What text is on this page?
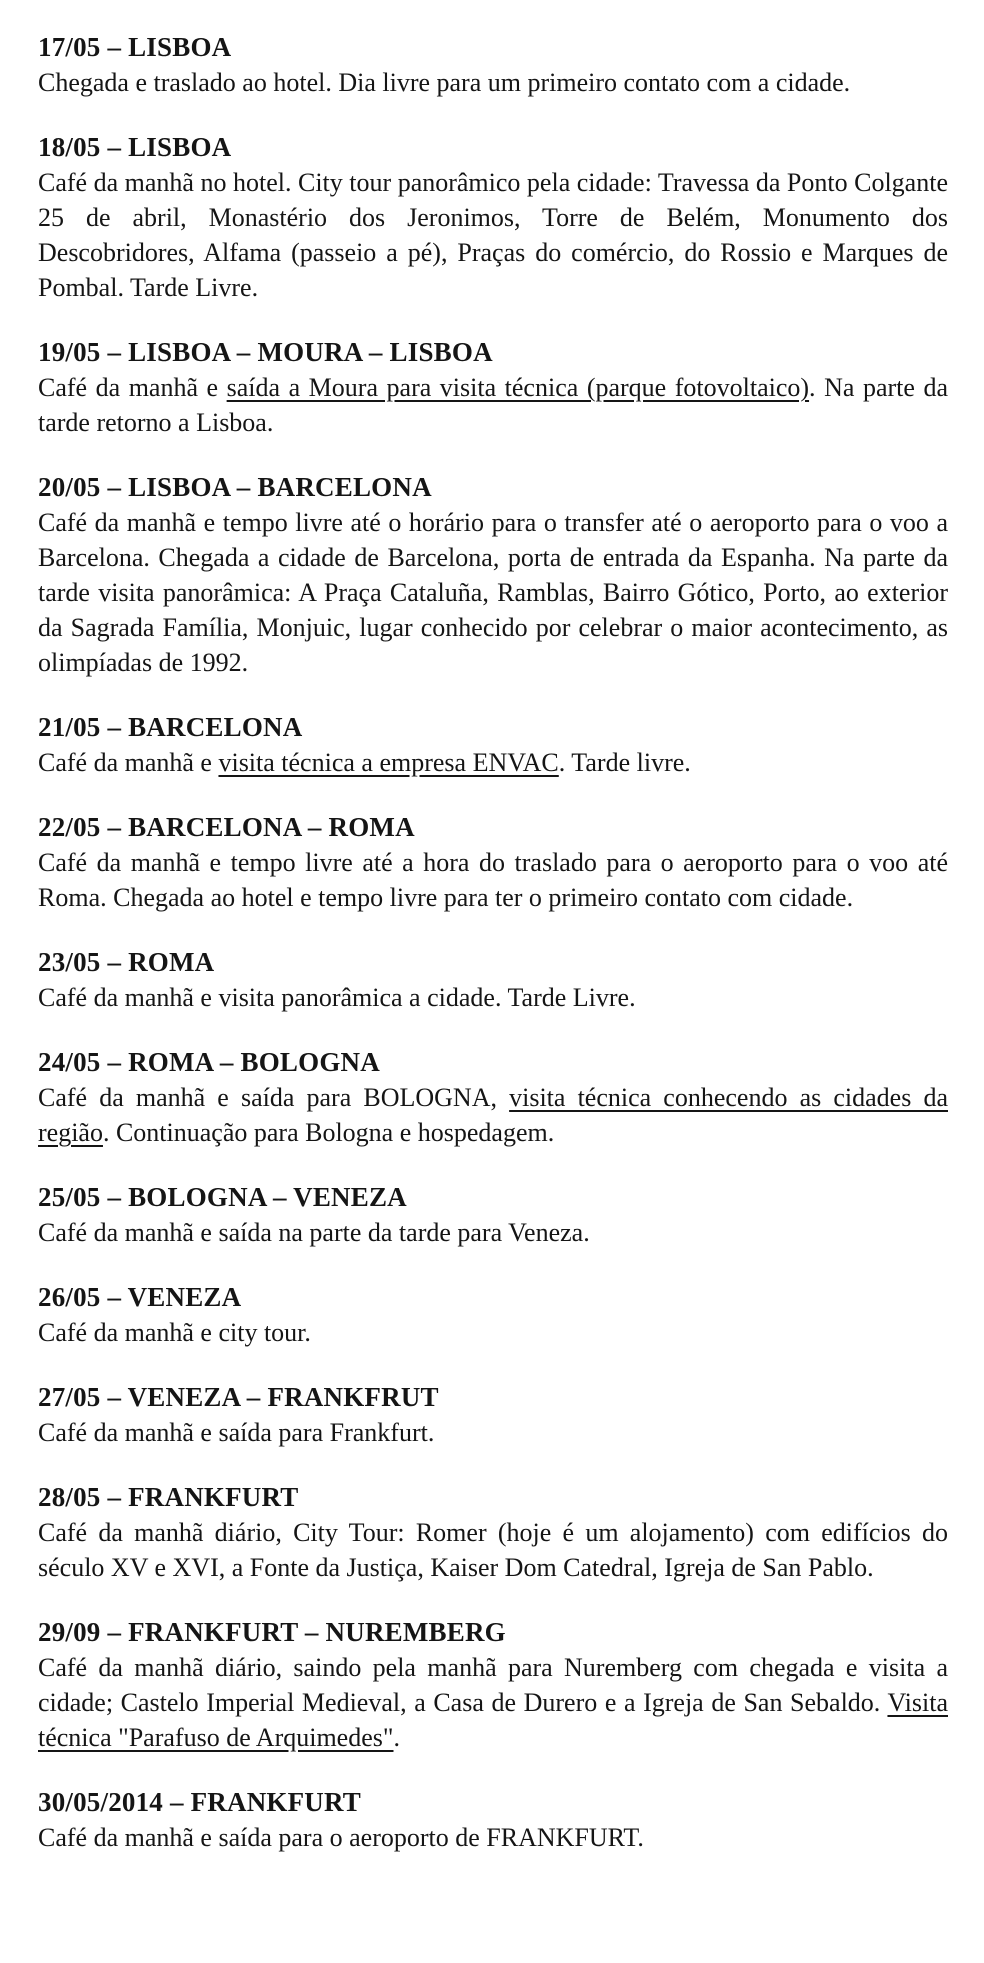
17/05 – LISBOA

Chegada e traslado ao hotel. Dia livre para um primeiro contato com a cidade.

18/05 – LISBOA

Café da manhã no hotel. City tour panorâmico pela cidade: Travessa da Ponto Colgante 25 de abril, Monastério dos Jeronimos, Torre de Belém, Monumento dos Descobridores, Alfama (passeio a pé), Praças do comércio, do Rossio e Marques de Pombal. Tarde Livre.

19/05 – LISBOA – MOURA – LISBOA

Café da manhã e saída a Moura para visita técnica (parque fotovoltaico). Na parte da tarde retorno a Lisboa.

20/05 – LISBOA – BARCELONA

Café da manhã e tempo livre até o horário para o transfer até o aeroporto para o voo a Barcelona. Chegada a cidade de Barcelona, porta de entrada da Espanha. Na parte da tarde visita panorâmica: A Praça Cataluña, Ramblas, Bairro Gótico, Porto, ao exterior da Sagrada Família, Monjuic, lugar conhecido por celebrar o maior acontecimento, as olimpíadas de 1992.

21/05 – BARCELONA

Café da manhã e visita técnica a empresa ENVAC. Tarde livre.

22/05 – BARCELONA – ROMA

Café da manhã e tempo livre até a hora do traslado para o aeroporto para o voo até Roma. Chegada ao hotel e tempo livre para ter o primeiro contato com cidade.

23/05 – ROMA

Café da manhã e visita panorâmica a cidade. Tarde Livre.

24/05 – ROMA – BOLOGNA

Café da manhã e saída para BOLOGNA, visita técnica conhecendo as cidades da região. Continuação para Bologna e hospedagem.

25/05 – BOLOGNA – VENEZA

Café da manhã e saída na parte da tarde para Veneza.

26/05 – VENEZA

Café da manhã e city tour.

27/05 – VENEZA – FRANKFRUT

Café da manhã e saída para Frankfurt.

28/05 – FRANKFURT

Café da manhã diário, City Tour: Romer (hoje é um alojamento) com edifícios do século XV e XVI, a Fonte da Justiça, Kaiser Dom Catedral, Igreja de San Pablo.

29/09 – FRANKFURT – NUREMBERG

Café da manhã diário, saindo pela manhã para Nuremberg com chegada e visita a cidade; Castelo Imperial Medieval, a Casa de Durero e a Igreja de San Sebaldo. Visita técnica "Parafuso de Arquimedes".

30/05/2014 – FRANKFURT

Café da manhã e saída para o aeroporto de FRANKFURT.
